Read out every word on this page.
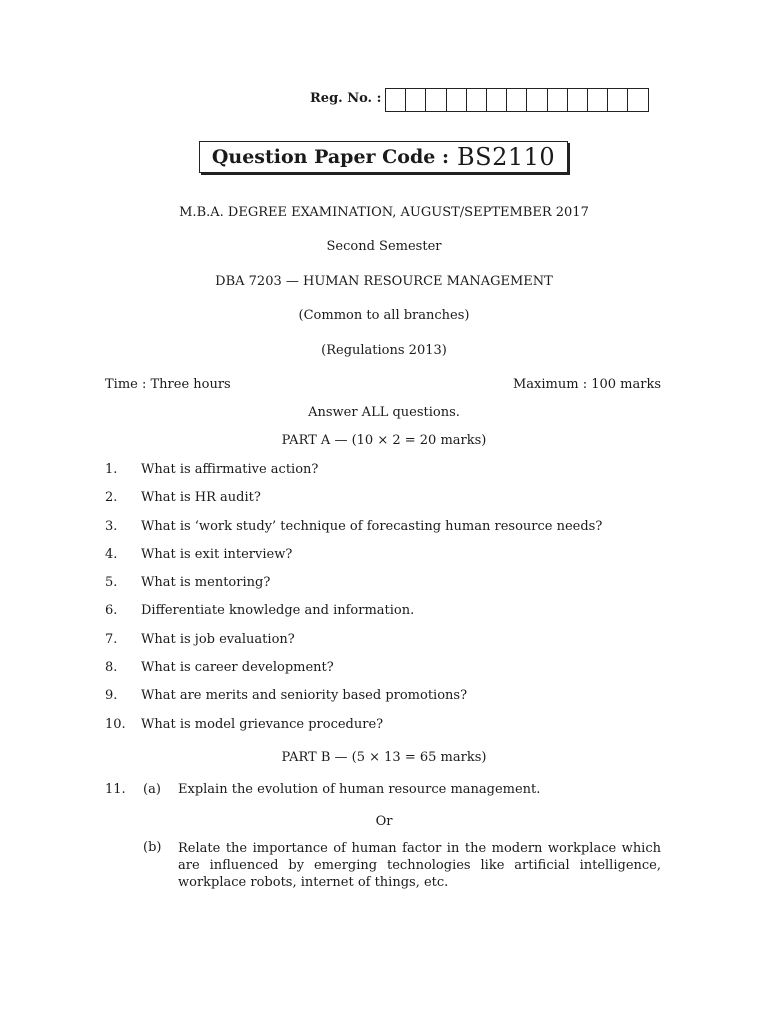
Reg. No. :
Question Paper Code : BS2110
M.B.A. DEGREE EXAMINATION, AUGUST/SEPTEMBER 2017
Second Semester
DBA 7203 — HUMAN RESOURCE MANAGEMENT
(Common to all branches)
(Regulations 2013)
Time : Three hours	Maximum : 100 marks
Answer ALL questions.
PART A — (10 × 2 = 20 marks)
1. What is affirmative action?
2. What is HR audit?
3. What is ‘work study’ technique of forecasting human resource needs?
4. What is exit interview?
5. What is mentoring?
6. Differentiate knowledge and information.
7. What is job evaluation?
8. What is career development?
9. What are merits and seniority based promotions?
10. What is model grievance procedure?
PART B — (5 × 13 = 65 marks)
11. (a) Explain the evolution of human resource management.
Or
(b) Relate the importance of human factor in the modern workplace which are influenced by emerging technologies like artificial intelligence, workplace robots, internet of things, etc.
